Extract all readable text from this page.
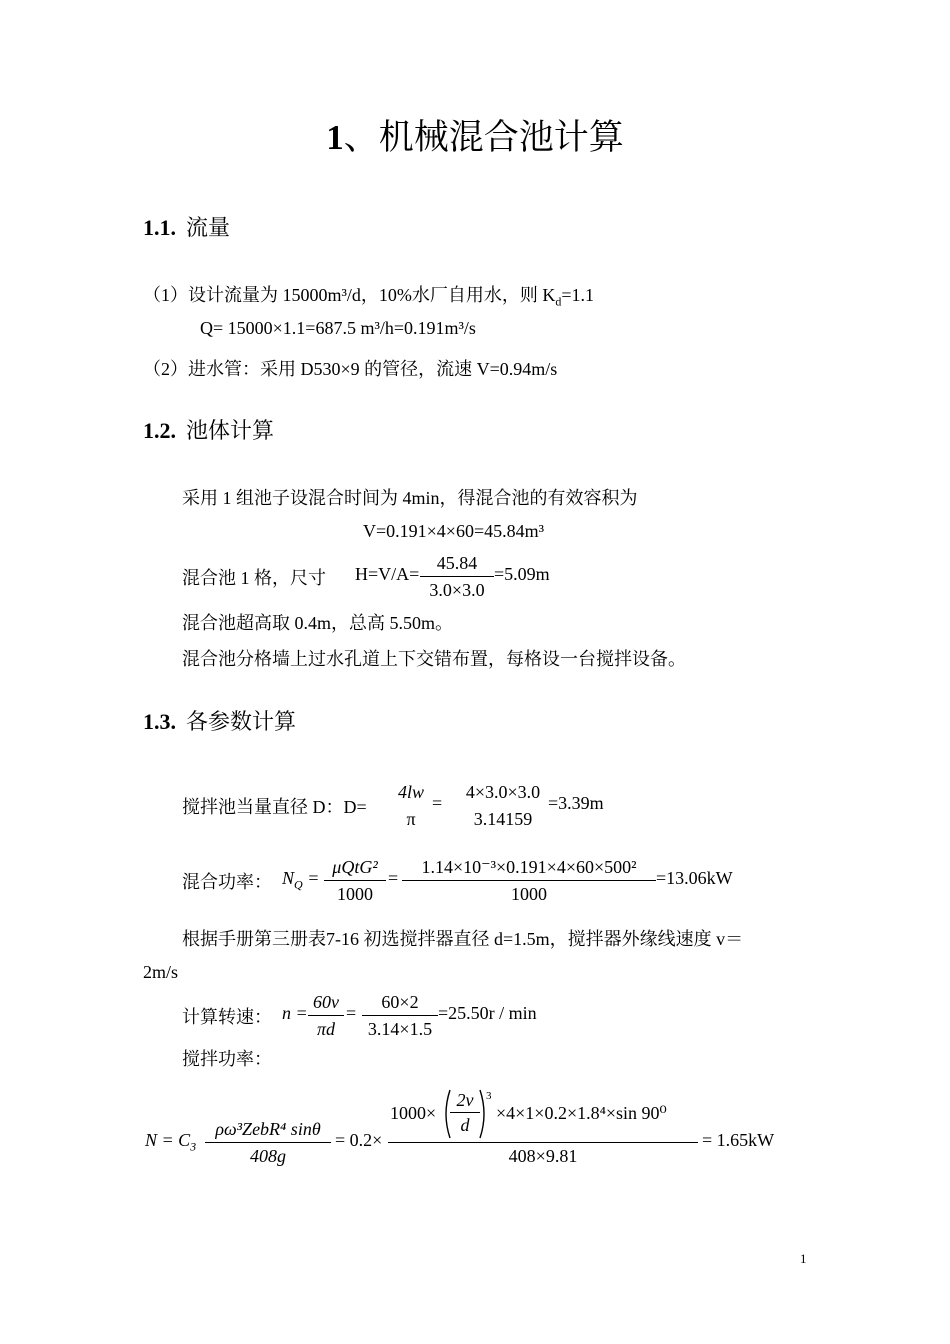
1、机械混合池计算
1.1. 流量
（1）设计流量为 15000m³/d，10%水厂自用水，则 $K_d=1.1$
Q= 15000×1.1=687.5 m³/h=0.191m³/s
（2）进水管：采用 D530×9 的管径，流速 V=0.94m/s
1.2. 池体计算
采用 1 组池子设混合时间为 4min，得混合池的有效容积为
V=0.191×4×60=45.84m³
混合池 1 格，尺寸 H=V/A=
45.84
3.0×3.0
=5.09m
混合池超高取 0.4m，总高 5.50m。
混合池分格墙上过水孔道上下交错布置，每格设一台搅拌设备。
1.3. 各参数计算
搅拌池当量直径 D：D=
4lw
π
=
4×3.0×3.0
3.14159
=3.39m
混合功率： $N_Q$ =
μQtG²
1000
=
1.14×10⁻³×0.191×4×60×500²
1000
=13.06kW
根据手册第三册表7-16 初选搅拌器直径 d=1.5m，搅拌器外缘线速度 v＝
2m/s
计算转速： n =
60v
πd
=
60×2
3.14×1.5
=25.50r / min
搅拌功率：
$N = C_3$
ρω³ZebR⁴ sinθ
408g
= 0.2×
1000×
2v
d
3
×4×1×0.2×1.8⁴×sin 90⁰
408×9.81
= 1.65kW
1
